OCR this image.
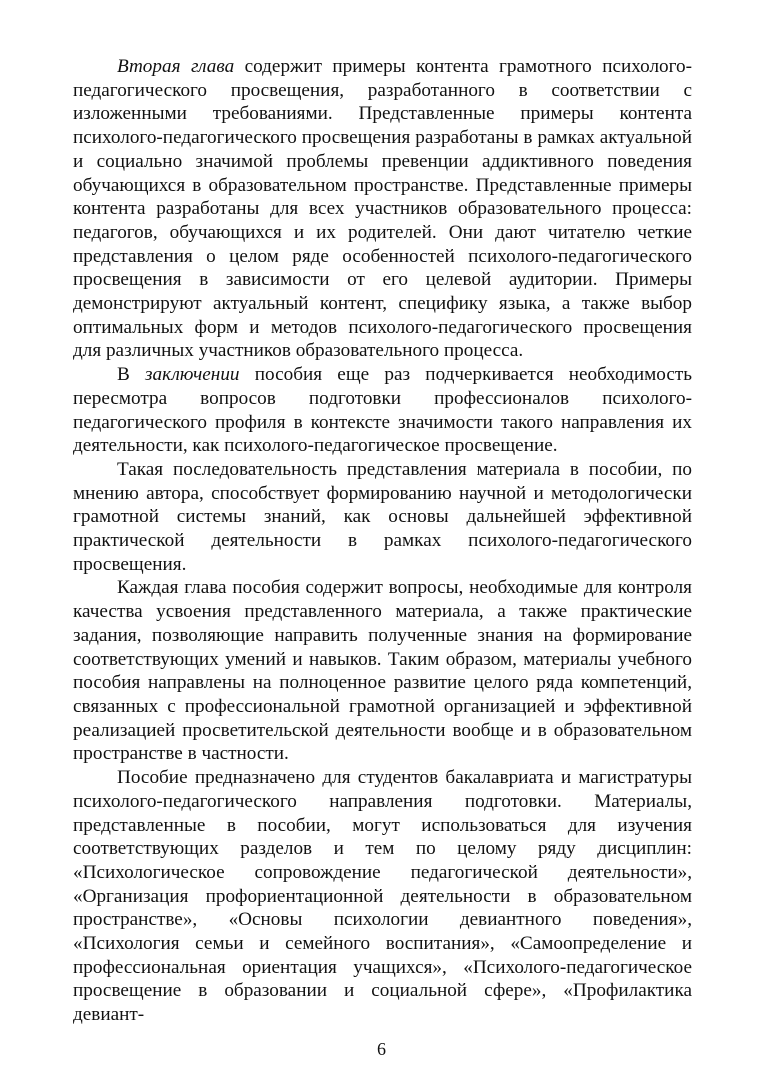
Вторая глава содержит примеры контента грамотного психолого-педагогического просвещения, разработанного в соответствии с изложенными требованиями. Представленные примеры контента психолого-педагогического просвещения разработаны в рамках актуальной и социально значимой проблемы превенции аддиктивного поведения обучающихся в образовательном пространстве. Представленные примеры контента разработаны для всех участников образовательного процесса: педагогов, обучающихся и их родителей. Они дают читателю четкие представления о целом ряде особенностей психолого-педагогического просвещения в зависимости от его целевой аудитории. Примеры демонстрируют актуальный контент, специфику языка, а также выбор оптимальных форм и методов психолого-педагогического просвещения для различных участников образовательного процесса.

В заключении пособия еще раз подчеркивается необходимость пересмотра вопросов подготовки профессионалов психолого-педагогического профиля в контексте значимости такого направления их деятельности, как психолого-педагогическое просвещение.

Такая последовательность представления материала в пособии, по мнению автора, способствует формированию научной и методологически грамотной системы знаний, как основы дальнейшей эффективной практической деятельности в рамках психолого-педагогического просвещения.

Каждая глава пособия содержит вопросы, необходимые для контроля качества усвоения представленного материала, а также практические задания, позволяющие направить полученные знания на формирование соответствующих умений и навыков. Таким образом, материалы учебного пособия направлены на полноценное развитие целого ряда компетенций, связанных с профессиональной грамотной организацией и эффективной реализацией просветительской деятельности вообще и в образовательном пространстве в частности.

Пособие предназначено для студентов бакалавриата и магистратуры психолого-педагогического направления подготовки. Материалы, представленные в пособии, могут использоваться для изучения соответствующих разделов и тем по целому ряду дисциплин: «Психологическое сопровождение педагогической деятельности», «Организация профориентационной деятельности в образовательном пространстве», «Основы психологии девиантного поведения», «Психология семьи и семейного воспитания», «Самоопределение и профессиональная ориентация учащихся», «Психолого-педагогическое просвещение в образовании и социальной сфере», «Профилактика девиант-

6
